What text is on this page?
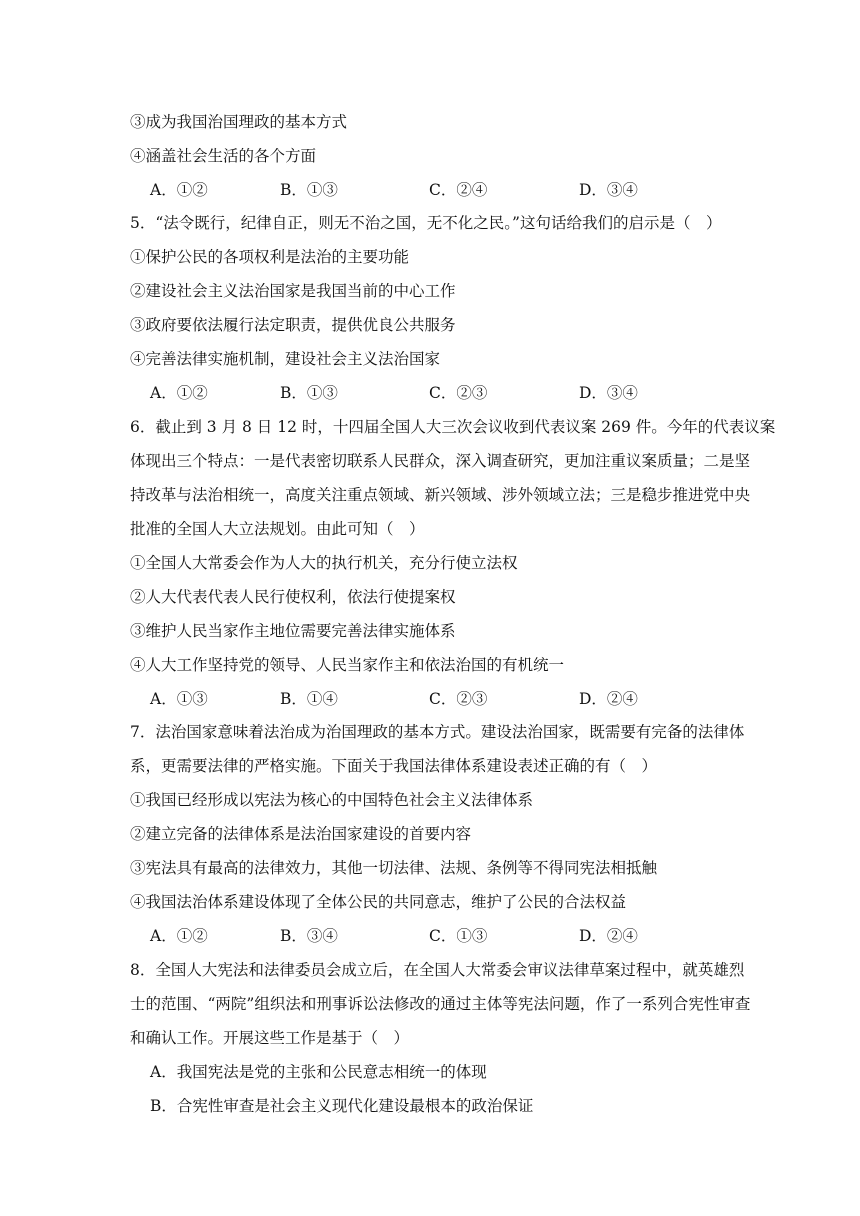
③成为我国治国理政的基本方式
④涵盖社会生活的各个方面
A．①②	B．①③	C．②④	D．③④
5．“法令既行，纪律自正，则无不治之国，无不化之民。”这句话给我们的启示是（　）
①保护公民的各项权利是法治的主要功能
②建设社会主义法治国家是我国当前的中心工作
③政府要依法履行法定职责，提供优良公共服务
④完善法律实施机制，建设社会主义法治国家
A．①②	B．①③	C．②③	D．③④
6．截止到 3 月 8 日 12 时，十四届全国人大三次会议收到代表议案 269 件。今年的代表议案
体现出三个特点：一是代表密切联系人民群众，深入调查研究，更加注重议案质量；二是坚
持改革与法治相统一，高度关注重点领域、新兴领域、涉外领域立法；三是稳步推进党中央
批准的全国人大立法规划。由此可知（　）
①全国人大常委会作为人大的执行机关，充分行使立法权
②人大代表代表人民行使权利，依法行使提案权
③维护人民当家作主地位需要完善法律实施体系
④人大工作坚持党的领导、人民当家作主和依法治国的有机统一
A．①③	B．①④	C．②③	D．②④
7．法治国家意味着法治成为治国理政的基本方式。建设法治国家，既需要有完备的法律体
系，更需要法律的严格实施。下面关于我国法律体系建设表述正确的有（　）
①我国已经形成以宪法为核心的中国特色社会主义法律体系
②建立完备的法律体系是法治国家建设的首要内容
③宪法具有最高的法律效力，其他一切法律、法规、条例等不得同宪法相抵触
④我国法治体系建设体现了全体公民的共同意志，维护了公民的合法权益
A．①②	B．③④	C．①③	D．②④
8．全国人大宪法和法律委员会成立后，在全国人大常委会审议法律草案过程中，就英雄烈
士的范围、“两院”组织法和刑事诉讼法修改的通过主体等宪法问题，作了一系列合宪性审查
和确认工作。开展这些工作是基于（　）
A．我国宪法是党的主张和公民意志相统一的体现
B．合宪性审查是社会主义现代化建设最根本的政治保证
